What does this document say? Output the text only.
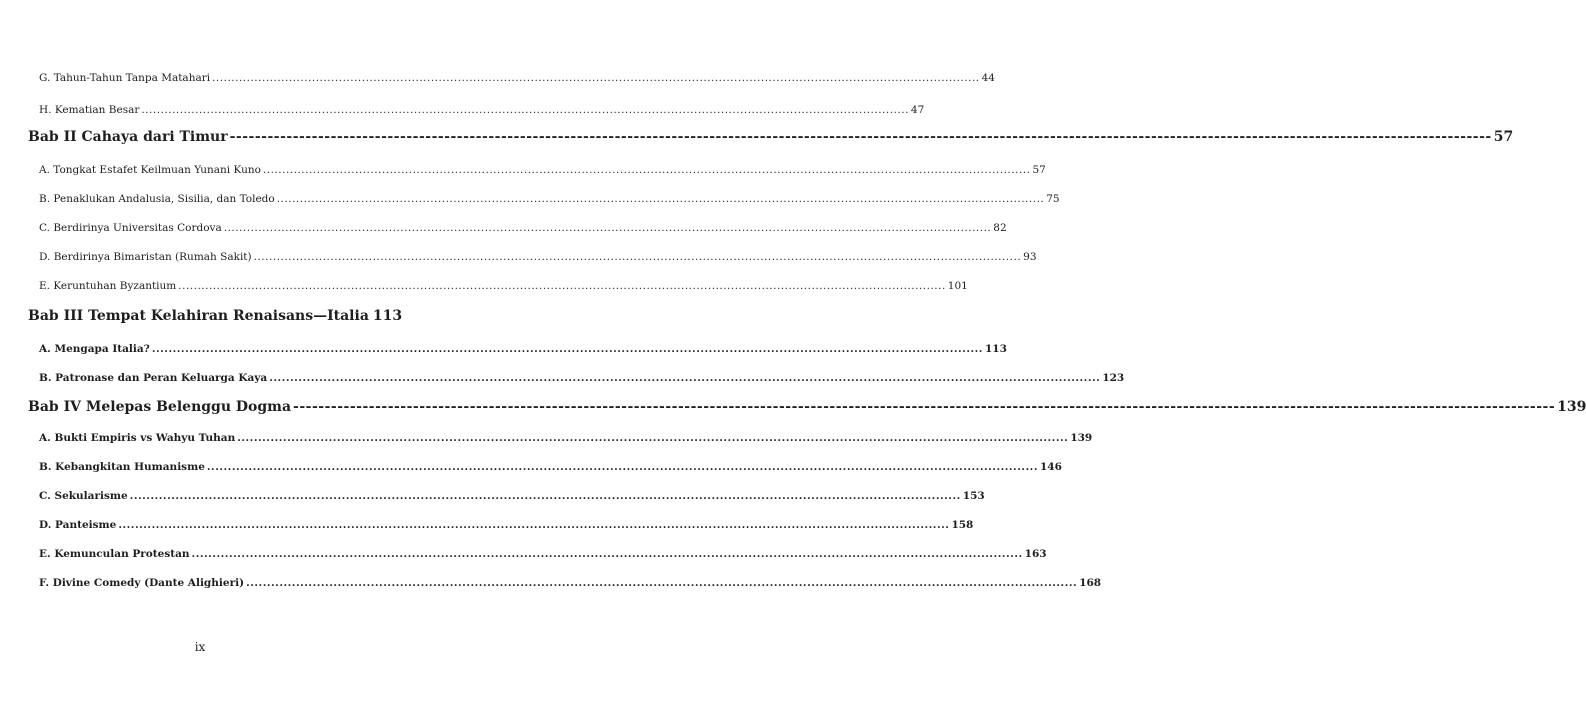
G. Tahun-Tahun Tanpa Matahari ........................................................................................................................................................................................................ 44
H. Kematian Besar ........................................................................................................................................................................................................ 47
Bab II Cahaya dari Timur -------------------------------------------------------------------------------------------------------------------------------------------------------------------------------------------------------- 57
A. Tongkat Estafet Keilmuan Yunani Kuno ........................................................................................................................................................................................................ 57
B. Penaklukan Andalusia, Sisilia, dan Toledo ........................................................................................................................................................................................................ 75
C. Berdirinya Universitas Cordova ........................................................................................................................................................................................................ 82
D. Berdirinya Bimaristan (Rumah Sakit) ........................................................................................................................................................................................................ 93
E. Keruntuhan Byzantium ........................................................................................................................................................................................................ 101
Bab III Tempat Kelahiran Renaisans—Italia 113
A. Mengapa Italia? ........................................................................................................................................................................................................ 113
B. Patronase dan Peran Keluarga Kaya ........................................................................................................................................................................................................ 123
Bab IV Melepas Belenggu Dogma -------------------------------------------------------------------------------------------------------------------------------------------------------------------------------------------------------- 139
A. Bukti Empiris vs Wahyu Tuhan ........................................................................................................................................................................................................ 139
B. Kebangkitan Humanisme ........................................................................................................................................................................................................ 146
C. Sekularisme ........................................................................................................................................................................................................ 153
D. Panteisme ........................................................................................................................................................................................................ 158
E. Kemunculan Protestan ........................................................................................................................................................................................................ 163
F. Divine Comedy (Dante Alighieri) ........................................................................................................................................................................................................ 168
ix
